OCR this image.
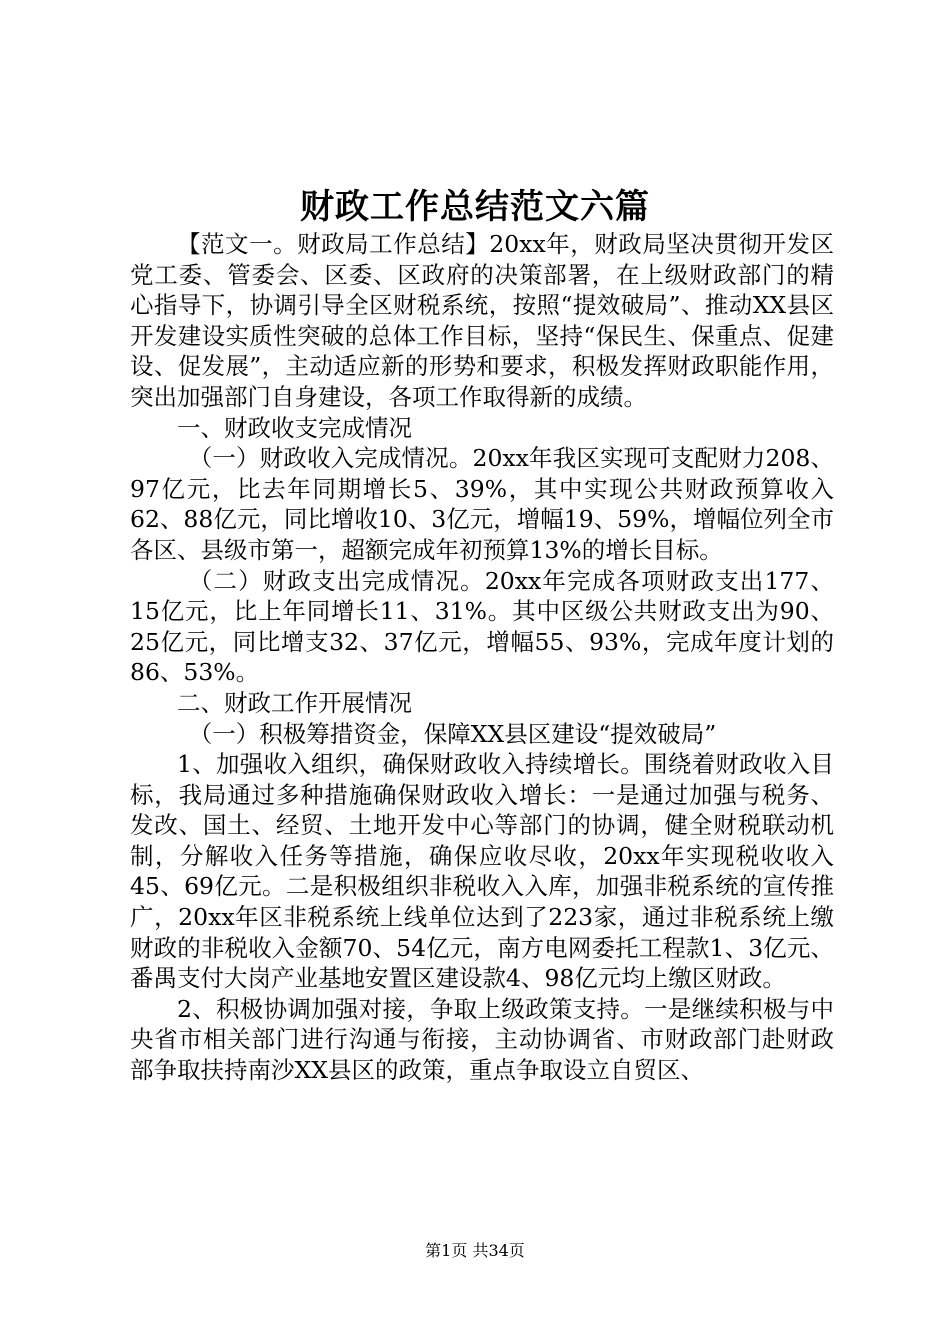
财政工作总结范文六篇

【范文一。财政局工作总结】20xx年，财政局坚决贯彻开发区党工委、管委会、区委、区政府的决策部署，在上级财政部门的精心指导下，协调引导全区财税系统，按照“提效破局”、推动XX县区开发建设实质性突破的总体工作目标，坚持“保民生、保重点、促建设、促发展”，主动适应新的形势和要求，积极发挥财政职能作用，突出加强部门自身建设，各项工作取得新的成绩。

一、财政收支完成情况

（一）财政收入完成情况。20xx年我区实现可支配财力208、97亿元，比去年同期增长5、39%，其中实现公共财政预算收入62、88亿元，同比增收10、3亿元，增幅19、59%，增幅位列全市各区、县级市第一，超额完成年初预算13%的增长目标。

（二）财政支出完成情况。20xx年完成各项财政支出177、15亿元，比上年同增长11、31%。其中区级公共财政支出为90、25亿元，同比增支32、37亿元，增幅55、93%，完成年度计划的86、53%。

二、财政工作开展情况

（一）积极筹措资金，保障XX县区建设“提效破局”

1、加强收入组织，确保财政收入持续增长。围绕着财政收入目标，我局通过多种措施确保财政收入增长：一是通过加强与税务、发改、国土、经贸、土地开发中心等部门的协调，健全财税联动机制，分解收入任务等措施，确保应收尽收，20xx年实现税收收入45、69亿元。二是积极组织非税收入入库，加强非税系统的宣传推广，20xx年区非税系统上线单位达到了223家，通过非税系统上缴财政的非税收入金额70、54亿元，南方电网委托工程款1、3亿元、番禺支付大岗产业基地安置区建设款4、98亿元均上缴区财政。

2、积极协调加强对接，争取上级政策支持。一是继续积极与中央省市相关部门进行沟通与衔接，主动协调省、市财政部门赴财政部争取扶持南沙XX县区的政策，重点争取设立自贸区、

第1页 共34页
